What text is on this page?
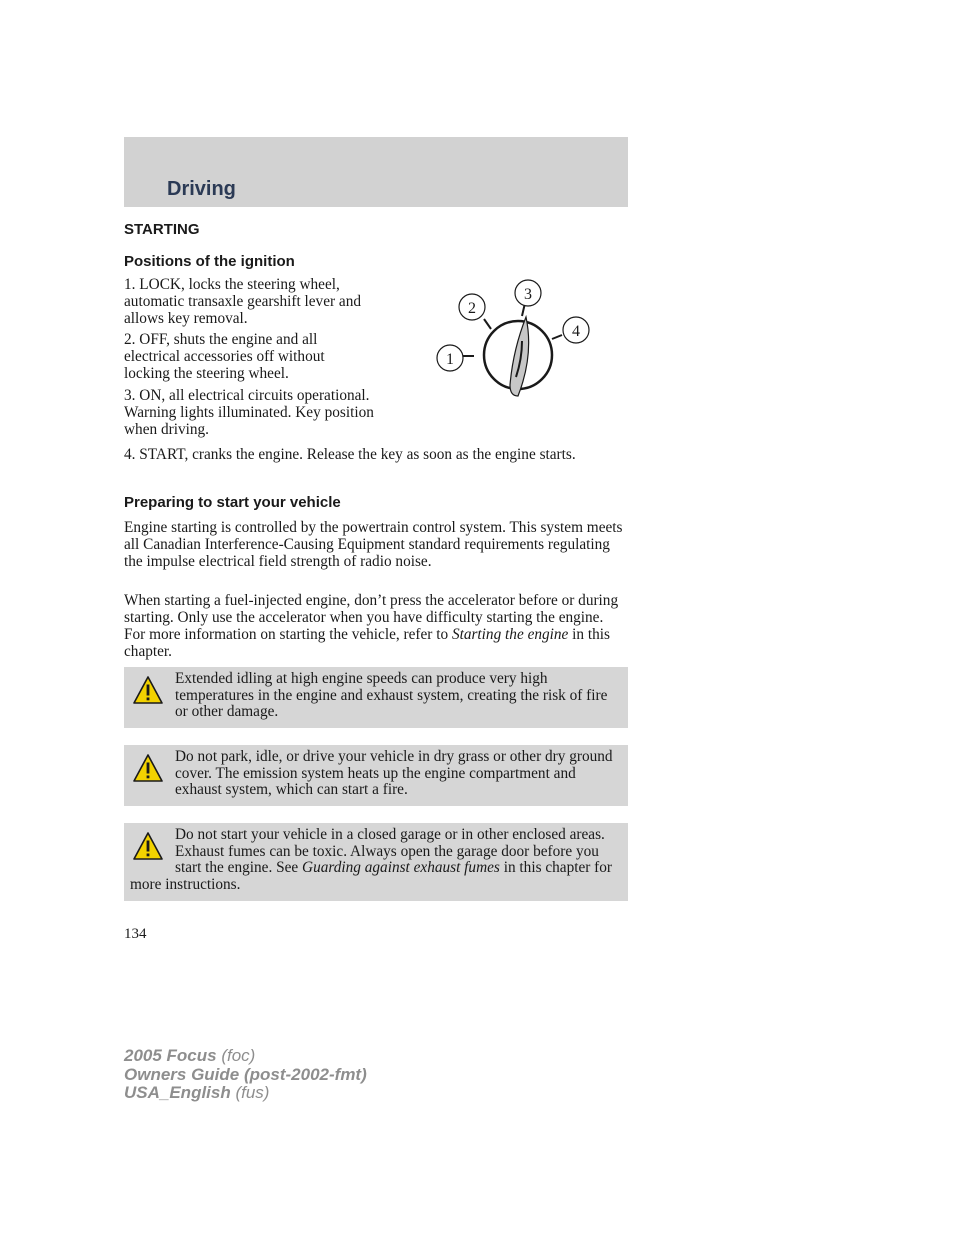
Driving
STARTING
Positions of the ignition

1. LOCK, locks the steering wheel, automatic transaxle gearshift lever and allows key removal.

2. OFF, shuts the engine and all electrical accessories off without locking the steering wheel.

3. ON, all electrical circuits operational. Warning lights illuminated. Key position when driving.

4. START, cranks the engine. Release the key as soon as the engine starts.

1
2
3
4
Preparing to start your vehicle

Engine starting is controlled by the powertrain control system. This system meets all Canadian Interference-Causing Equipment standard requirements regulating the impulse electrical field strength of radio noise.

When starting a fuel-injected engine, don’t press the accelerator before or during starting. Only use the accelerator when you have difficulty starting the engine. For more information on starting the vehicle, refer to Starting the engine in this chapter.

Extended idling at high engine speeds can produce very high temperatures in the engine and exhaust system, creating the risk of fire or other damage.

Do not park, idle, or drive your vehicle in dry grass or other dry ground cover. The emission system heats up the engine compartment and exhaust system, which can start a fire.

Do not start your vehicle in a closed garage or in other enclosed areas. Exhaust fumes can be toxic. Always open the garage door before you start the engine. See Guarding against exhaust fumes in this chapter for more instructions.

134
2005 Focus (foc)
Owners Guide (post-2002-fmt)
USA_English (fus)
